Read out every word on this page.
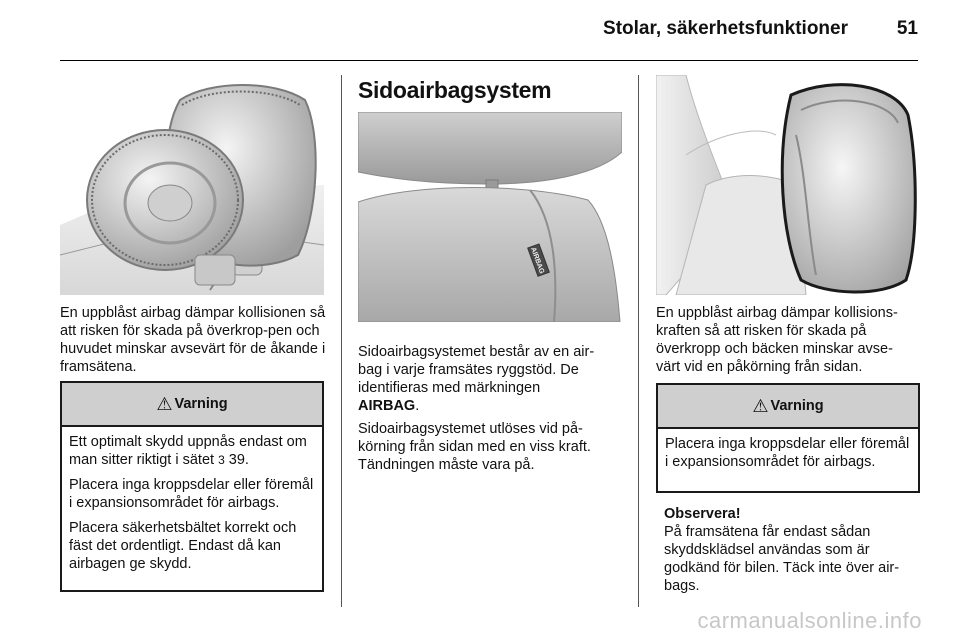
Stolar, säkerhetsfunktioner	51

En uppblåst airbag dämpar kollisionen så att risken för skada på överkrop-pen och huvudet minskar avsevärt för de åkande i framsätena.

⚠ Varning

Ett optimalt skydd uppnås endast om man sitter riktigt i sätet 3 39.

Placera inga kroppsdelar eller föremål i expansionsområdet för airbags.

Placera säkerhetsbältet korrekt och fäst det ordentligt. Endast då kan airbagen ge skydd.

Sidoairbagsystem
AIRBAG
Sidoairbagsystemet består av en air-
bag i varje framsätes ryggstöd. De
identifieras med märkningen
AIRBAG.
Sidoairbagsystemet utlöses vid på-
körning från sidan med en viss kraft.
Tändningen måste vara på.
En uppblåst airbag dämpar kollisions-
kraften så att risken för skada på
överkropp och bäcken minskar avse-
värt vid en påkörning från sidan.
⚠ Varning

Placera inga kroppsdelar eller föremål i expansionsområdet för airbags.

Observera!
På framsätena får endast sådan
skyddsklädsel användas som är
godkänd för bilen. Täck inte över air-
bags.
carmanualsonline.info
